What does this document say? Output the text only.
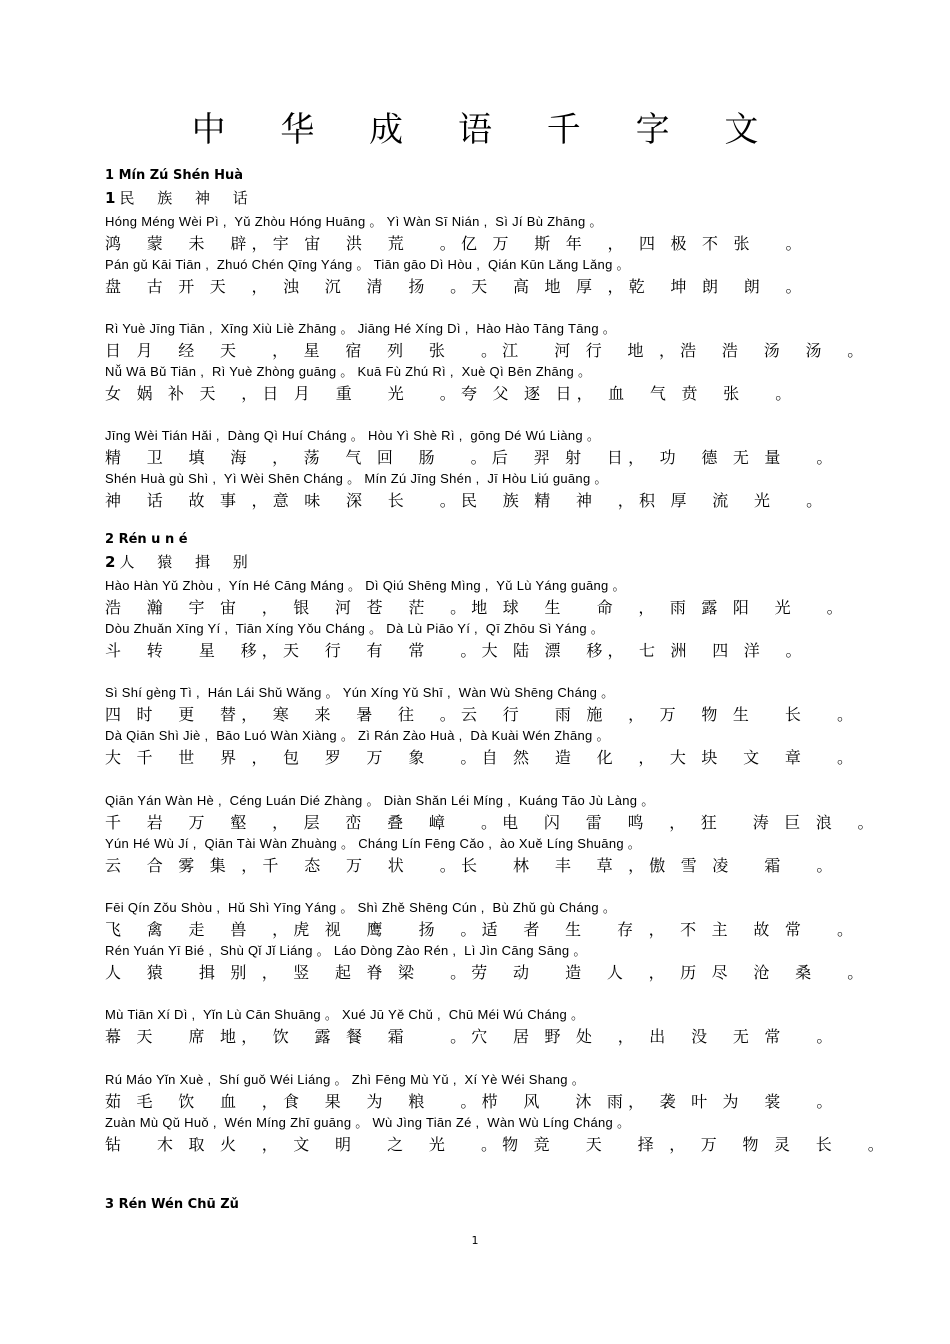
中 华 成 语 千 字 文
1 Mín Zú Shén Huà
1 民 族 神 话
Hóng Méng Wèi Pì ,  Yǔ Zhòu Hóng Huāng 。 Yì Wàn Sī Nián ,  Sì Jí Bù Zhāng 。
鸿  蒙  未  辟，宇 宙  洪  荒   。亿 万  斯 年  ， 四 极 不 张   。
Pán gǔ Kāi Tiān ,  Zhuó Chén Qīng Yáng 。 Tiān gāo Dì Hòu ,  Qián Kūn Lǎng Lǎng 。
盘  古 开 天  ， 浊  沉  清  扬  。天  高 地 厚 ，乾  坤 朗  朗  。
Rì Yuè Jīng Tiān ,  Xīng Xiù Liè Zhāng 。 Jiāng Hé Xíng Dì ,  Hào Hào Tāng Tāng 。
日 月  经  天   ， 星  宿  列  张   。江   河 行  地 ，浩  浩  汤  汤  。
Nǚ Wā Bǔ Tiān ,  Rì Yuè Zhòng guāng 。 Kuā Fù Zhú Rì ,  Xuè Qì Bēn Zhāng 。
女 娲 补 天  ，日 月  重   光   。夸 父 逐 日， 血  气 贲  张   。
Jīng Wèi Tián Hǎi ,  Dàng Qì Huí Cháng 。 Hòu Yì Shè Rì ,  gōng Dé Wú Liàng 。
精  卫  填  海  ， 荡  气 回  肠   。后  羿 射  日， 功  德 无 量   。
Shén Huà gù Shì ,  Yì Wèi Shēn Cháng 。 Mín Zú Jīng Shén ,  Jī Hòu Liú guāng 。
神  话  故 事 ，意 味  深  长   。民  族 精  神  ，积 厚  流  光   。
2 Rén u n é
2 人 猿 揖 别
Hào Hàn Yǔ Zhòu ,  Yín Hé Cāng Máng 。 Dì Qiú Shēng Mìng ,  Yǔ Lù Yáng guāng 。
浩  瀚  宇 宙  ， 银  河 苍  茫  。地 球  生   命  ， 雨 露 阳  光   。
Dòu Zhuǎn Xīng Yí ,  Tiān Xíng Yǒu Cháng 。 Dà Lù Piāo Yí ,  Qī Zhōu Sì Yáng 。
斗  转   星  移，天  行  有  常   。大 陆 漂  移， 七 洲  四 洋  。
Sì Shí gèng Tì ,  Hán Lái Shǔ Wǎng 。 Yún Xíng Yǔ Shī ,  Wàn Wù Shēng Cháng 。
四 时  更  替， 寒  来  暑  往  。云  行   雨 施  ， 万  物 生   长   。
Dà Qiān Shì Jiè ,  Bāo Luó Wàn Xiàng 。 Zì Rán Zào Huà ,  Dà Kuài Wén Zhāng 。
大 千  世  界 ， 包  罗  万  象   。自 然  造  化  ， 大 块  文  章   。
Qiān Yán Wàn Hè ,  Céng Luán Dié Zhàng 。 Diàn Shǎn Léi Míng ,  Kuáng Tāo Jù Làng 。
千  岩  万  壑  ， 层  峦  叠  嶂   。电  闪  雷  鸣  ， 狂   涛 巨 浪  。
Yún Hé Wù Jí ,  Qiān Tài Wàn Zhuàng 。 Cháng Lín Fēng Cǎo ,  ào Xuě Líng Shuāng 。
云  合 雾 集 ，千  态  万  状   。长   林  丰  草 ，傲 雪 凌   霜   。
Fēi Qín Zǒu Shòu ,  Hǔ Shì Yīng Yáng 。 Shì Zhě Shēng Cún ,  Bù Zhǔ gù Cháng 。
飞  禽  走  兽  ，虎 视  鹰   扬  。适  者  生   存 ， 不 主  故 常   。
Rén Yuán Yī Bié ,  Shù Qǐ Jǐ Liáng 。 Láo Dòng Zào Rén ,  Lì Jìn Cāng Sāng 。
人  猿   揖 别 ， 竖  起 脊 梁   。劳  动   造  人  ， 历 尽  沧  桑   。
Mù Tiān Xí Dì ,  Yǐn Lù Cān Shuāng 。 Xué Jū Yě Chǔ ,  Chū Méi Wú Cháng 。
幕 天   席 地， 饮  露 餐  霜    。穴  居 野 处  ， 出  没  无 常   。
Rú Máo Yǐn Xuè ,  Shí guǒ Wéi Liáng 。 Zhì Fēng Mù Yǔ ,  Xí Yè Wéi Shang 。
茹 毛  饮  血  ，食  果  为  粮   。栉  风   沐 雨， 袭 叶 为  裳   。
Zuàn Mù Qǔ Huǒ ,  Wén Míng Zhī guāng 。 Wù Jìng Tiān Zé ,  Wàn Wù Líng Cháng 。
钻   木 取 火  ， 文  明   之  光   。物 竞   天   择 ， 万  物 灵  长   。
3 Rén Wén Chū Zǔ
1
